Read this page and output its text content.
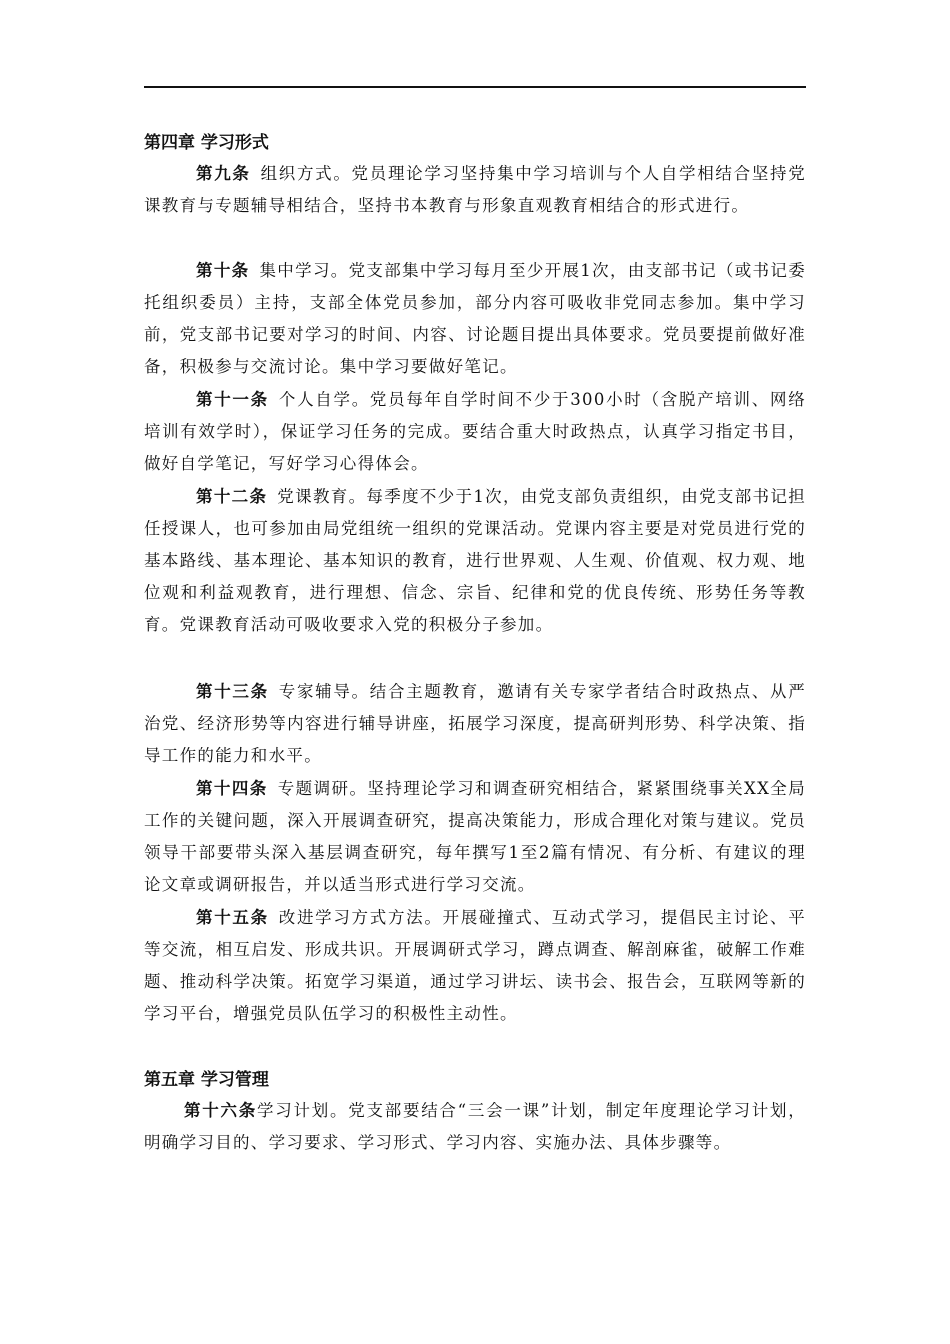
第四章 学习形式

第九条 组织方式。党员理论学习坚持集中学习培训与个人自学相结合坚持党课教育与专题辅导相结合，坚持书本教育与形象直观教育相结合的形式进行。

第十条 集中学习。党支部集中学习每月至少开展1次，由支部书记（或书记委托组织委员）主持，支部全体党员参加，部分内容可吸收非党同志参加。集中学习前，党支部书记要对学习的时间、内容、讨论题目提出具体要求。党员要提前做好准备，积极参与交流讨论。集中学习要做好笔记。

第十一条 个人自学。党员每年自学时间不少于300小时（含脱产培训、网络培训有效学时），保证学习任务的完成。要结合重大时政热点，认真学习指定书目，做好自学笔记，写好学习心得体会。

第十二条 党课教育。每季度不少于1次，由党支部负责组织，由党支部书记担任授课人，也可参加由局党组统一组织的党课活动。党课内容主要是对党员进行党的基本路线、基本理论、基本知识的教育，进行世界观、人生观、价值观、权力观、地位观和利益观教育，进行理想、信念、宗旨、纪律和党的优良传统、形势任务等教育。党课教育活动可吸收要求入党的积极分子参加。

第十三条 专家辅导。结合主题教育，邀请有关专家学者结合时政热点、从严治党、经济形势等内容进行辅导讲座，拓展学习深度，提高研判形势、科学决策、指导工作的能力和水平。

第十四条 专题调研。坚持理论学习和调查研究相结合，紧紧围绕事关XX全局工作的关键问题，深入开展调查研究，提高决策能力，形成合理化对策与建议。党员领导干部要带头深入基层调查研究，每年撰写1至2篇有情况、有分析、有建议的理论文章或调研报告，并以适当形式进行学习交流。

第十五条 改进学习方式方法。开展碰撞式、互动式学习，提倡民主讨论、平等交流，相互启发、形成共识。开展调研式学习，蹲点调查、解剖麻雀，破解工作难题、推动科学决策。拓宽学习渠道，通过学习讲坛、读书会、报告会，互联网等新的学习平台，增强党员队伍学习的积极性主动性。

第五章 学习管理

第十六条学习计划。党支部要结合“三会一课”计划，制定年度理论学习计划，明确学习目的、学习要求、学习形式、学习内容、实施办法、具体步骤等。
